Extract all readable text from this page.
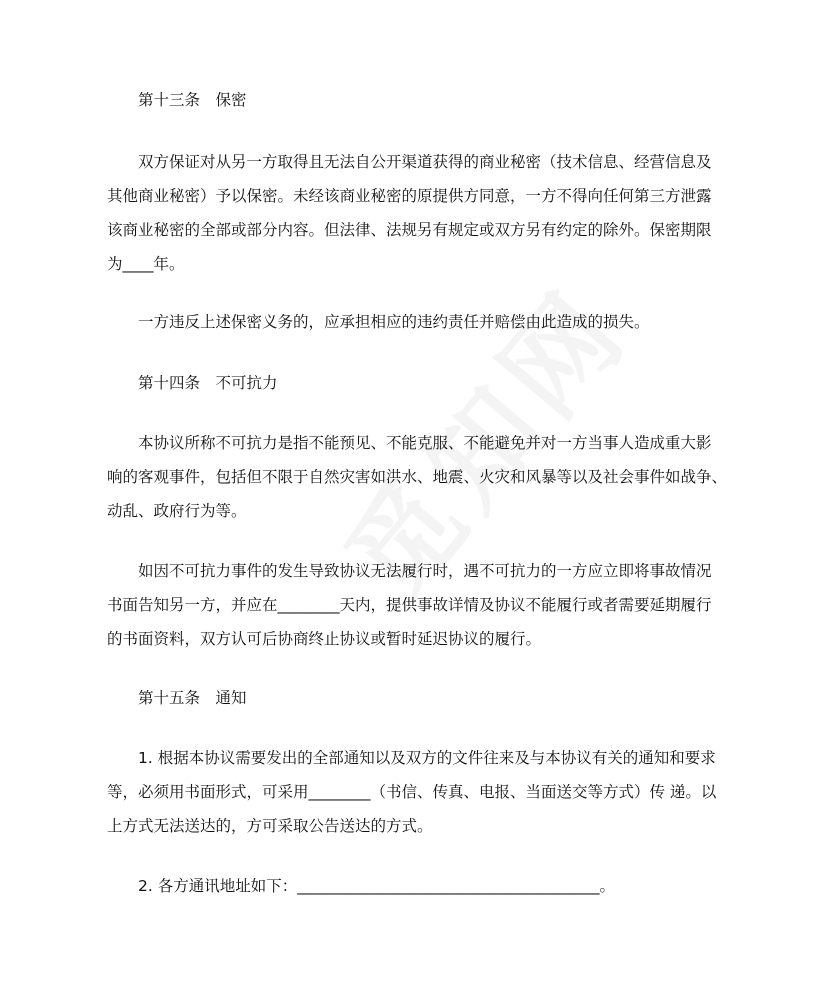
第十三条　保密
双方保证对从另一方取得且无法自公开渠道获得的商业秘密（技术信息、经营信息及
其他商业秘密）予以保密。未经该商业秘密的原提供方同意，一方不得向任何第三方泄露
该商业秘密的全部或部分内容。但法律、法规另有规定或双方另有约定的除外。保密期限
为____年。
一方违反上述保密义务的，应承担相应的违约责任并赔偿由此造成的损失。
第十四条　不可抗力
本协议所称不可抗力是指不能预见、不能克服、不能避免并对一方当事人造成重大影
响的客观事件，包括但不限于自然灾害如洪水、地震、火灾和风暴等以及社会事件如战争、
动乱、政府行为等。
如因不可抗力事件的发生导致协议无法履行时，遇不可抗力的一方应立即将事故情况
书面告知另一方，并应在________天内，提供事故详情及协议不能履行或者需要延期履行
的书面资料，双方认可后协商终止协议或暂时延迟协议的履行。
第十五条　通知
1. 根据本协议需要发出的全部通知以及双方的文件往来及与本协议有关的通知和要求
等，必须用书面形式，可采用________（书信、传真、电报、当面送交等方式）传 递。以
上方式无法送达的，方可采取公告送达的方式。
2. 各方通讯地址如下：_______________________________________。
